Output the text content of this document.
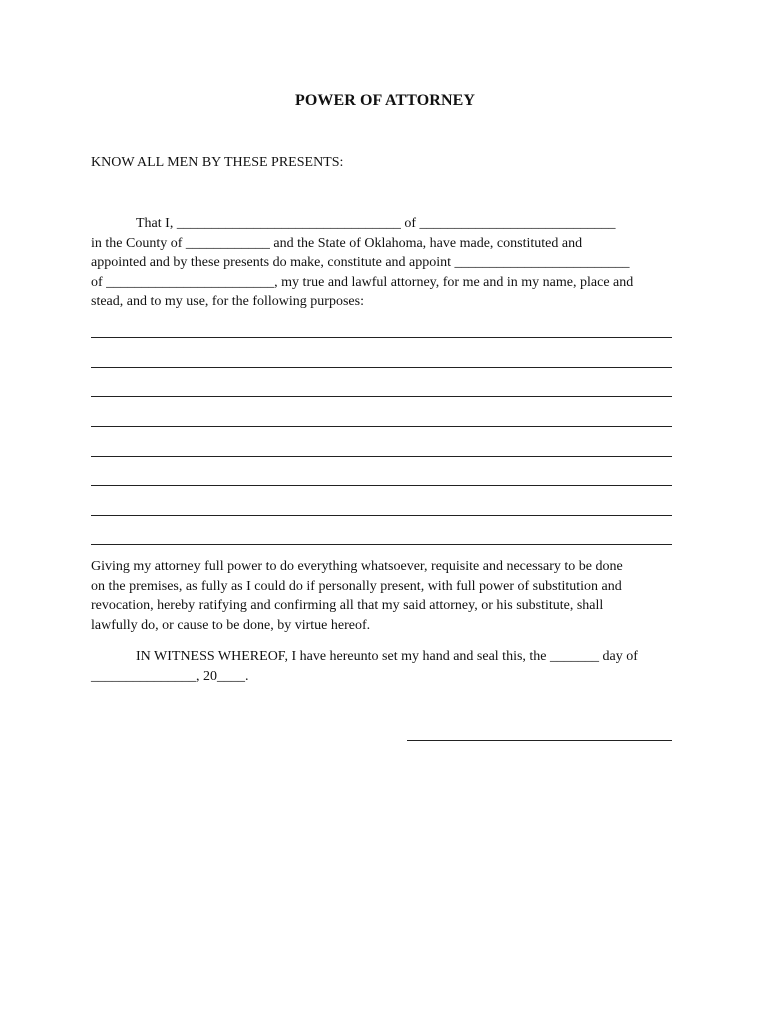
POWER OF ATTORNEY
KNOW ALL MEN BY THESE PRESENTS:

That I, ________________________________ of ____________________________
in the County of ____________ and the State of Oklahoma, have made, constituted and
appointed and by these presents do make, constitute and appoint _________________________
of ________________________, my true and lawful attorney, for me and in my name, place and
stead, and to my use, for the following purposes:

Giving my attorney full power to do everything whatsoever, requisite and necessary to be done
on the premises, as fully as I could do if personally present, with full power of substitution and
revocation, hereby ratifying and confirming all that my said attorney, or his substitute, shall
lawfully do, or cause to be done, by virtue hereof.

IN WITNESS WHEREOF, I have hereunto set my hand and seal this, the _______ day of
_______________, 20____.
